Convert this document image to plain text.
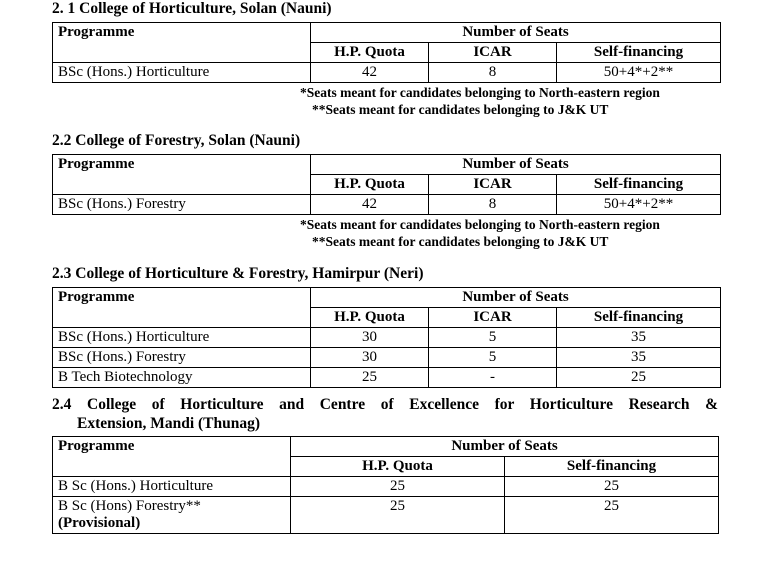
2. 1 College of Horticulture, Solan (Nauni)
Programme	Number of Seats		
	H.P. Quota	ICAR	Self-financing
BSc (Hons.) Horticulture	42	8	50+4*+2**
*Seats meant for candidates belonging to North-eastern region
**Seats meant for candidates belonging to J&K UT
2.2 College of Forestry, Solan (Nauni)
Programme	Number of Seats		
	H.P. Quota	ICAR	Self-financing
BSc (Hons.) Forestry	42	8	50+4*+2**
*Seats meant for candidates belonging to North-eastern region
**Seats meant for candidates belonging to J&K UT
2.3 College of Horticulture & Forestry, Hamirpur (Neri)
Programme	Number of Seats		
	H.P. Quota	ICAR	Self-financing
BSc (Hons.) Horticulture	30	5	35
BSc (Hons.) Forestry	30	5	35
B Tech Biotechnology	25	-	25
2.4 College of Horticulture and Centre of Excellence for Horticulture Research &
Extension, Mandi (Thunag)
Programme	Number of Seats	
	H.P. Quota	Self-financing
B Sc (Hons.) Horticulture	25	25
B Sc (Hons) Forestry**
(Provisional)	25	25
